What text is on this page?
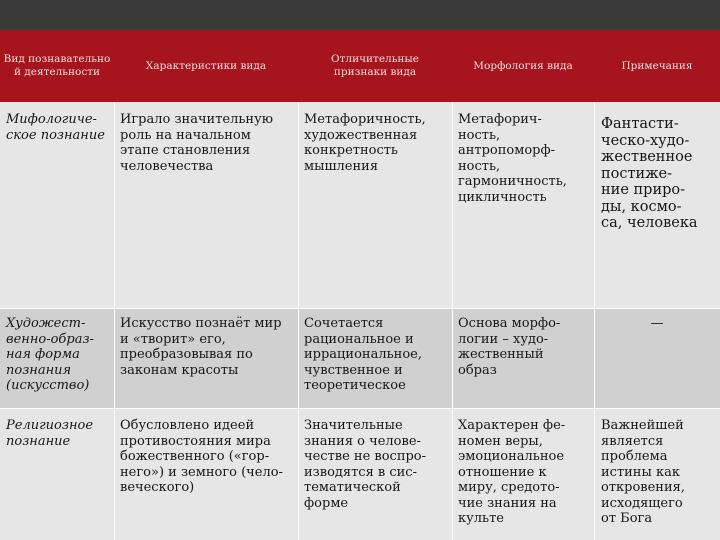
Вид познавательно й деятельности
Характеристики вида
Отличительные признаки вида
Морфология вида	Примечания
Мифологиче-
ское познание
Играло значительную
роль на начальном
этапе становления
человечества
Метафоричность,
художественная
конкретность
мышления
Метафорич-
ность,
антропоморф-
ность,
гармоничность,
цикличность
Фантасти-
ческо-худо-
жественное
постиже-
ние приро-
ды, космо-
са, человека
Художест-
венно-образ-
ная форма
познания
(искусство)
Искусство познаёт мир
и «творит» его,
преобразовывая по
законам красоты
Сочетается
рациональное и
иррациональное,
чувственное и
теоретическое
Основа морфо-
логии – худо-
жественный
образ
—
Религиозное
познание
Обусловлено идеей
противостояния мира
божественного («гор-
него») и земного (чело-
веческого)
Значительные
знания о челове-
честве не воспро-
изводятся в сис-
тематической
форме
Характерен фе-
номен веры,
эмоциональное
отношение к
миру, средото-
чие знания на
культе
Важнейшей
является
проблема
истины как
откровения,
исходящего
от Бога
